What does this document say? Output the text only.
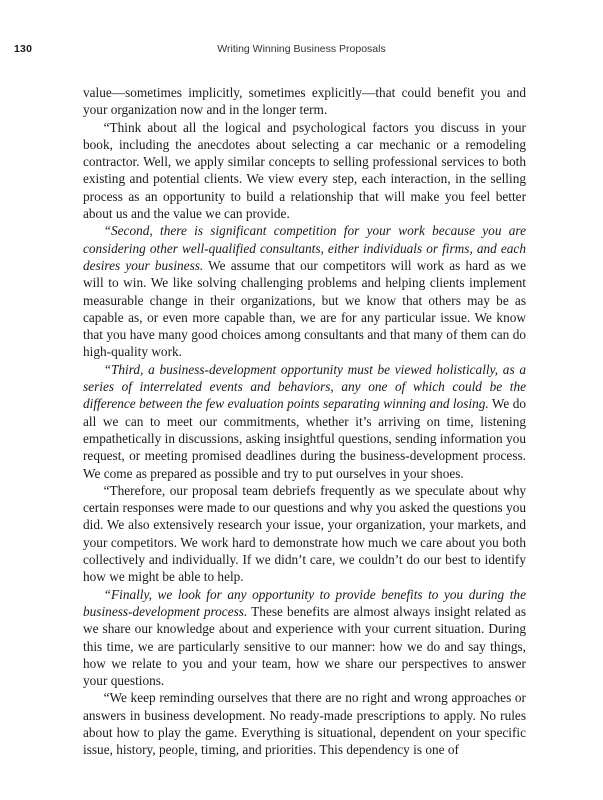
130	Writing Winning Business Proposals

value—sometimes implicitly, sometimes explicitly—that could benefit you and your organization now and in the longer term.

“Think about all the logical and psychological factors you discuss in your book, including the anecdotes about selecting a car mechanic or a remodeling contractor. Well, we apply similar concepts to selling professional services to both existing and potential clients. We view every step, each interaction, in the selling process as an opportunity to build a relationship that will make you feel better about us and the value we can provide.

“Second, there is significant competition for your work because you are considering other well-qualified consultants, either individuals or firms, and each desires your business. We assume that our competitors will work as hard as we will to win. We like solving challenging problems and helping clients implement measurable change in their organizations, but we know that others may be as capable as, or even more capable than, we are for any particular issue. We know that you have many good choices among consultants and that many of them can do high-quality work.

“Third, a business-development opportunity must be viewed holistically, as a series of interrelated events and behaviors, any one of which could be the difference between the few evaluation points separating winning and losing. We do all we can to meet our commitments, whether it’s arriving on time, listening empathetically in discussions, asking insightful questions, sending information you request, or meeting promised deadlines during the business-development process. We come as prepared as possible and try to put ourselves in your shoes.

“Therefore, our proposal team debriefs frequently as we speculate about why certain responses were made to our questions and why you asked the questions you did. We also extensively research your issue, your organization, your markets, and your competitors. We work hard to demonstrate how much we care about you both collectively and individually. If we didn’t care, we couldn’t do our best to identify how we might be able to help.

“Finally, we look for any opportunity to provide benefits to you during the business-development process. These benefits are almost always insight related as we share our knowledge about and experience with your current situation. During this time, we are particularly sensitive to our manner: how we do and say things, how we relate to you and your team, how we share our perspectives to answer your questions.

“We keep reminding ourselves that there are no right and wrong approaches or answers in business development. No ready-made prescriptions to apply. No rules about how to play the game. Everything is situational, dependent on your specific issue, history, people, timing, and priorities. This dependency is one of
